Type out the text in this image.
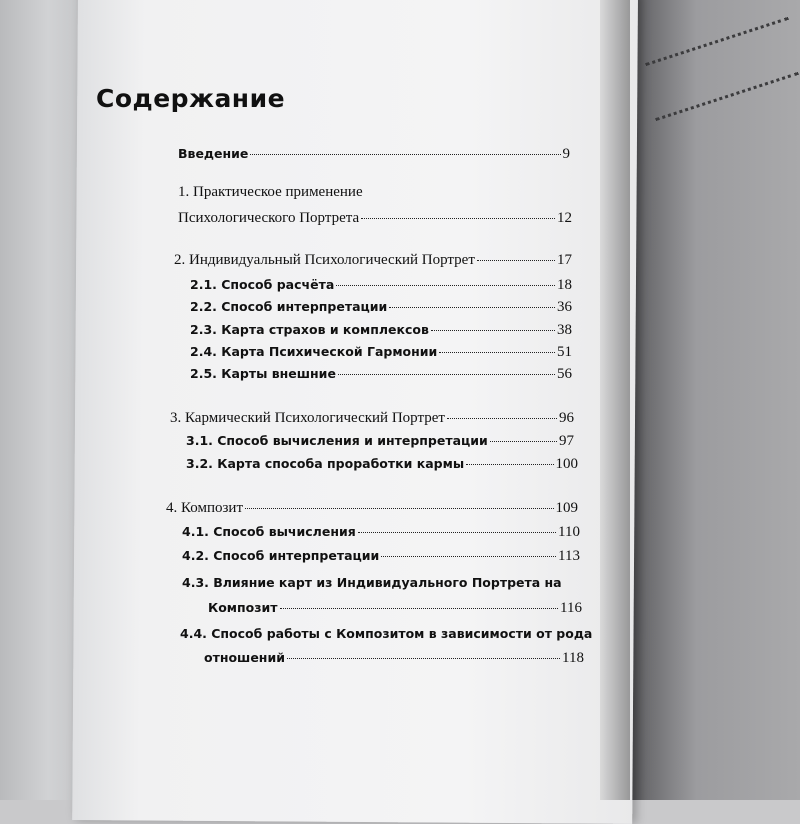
Содержание
Введение	9
1. Практическое применение
Психологического Портрета	12
2. Индивидуальный Психологический Портрет	17
2.1. Способ расчёта	18
2.2. Способ интерпретации	36
2.3. Карта страхов и комплексов	38
2.4. Карта Психической Гармонии	51
2.5. Карты внешние	56
3. Кармический Психологический Портрет	96
3.1. Способ вычисления и интерпретации	97
3.2. Карта способа проработки кармы	100
4. Композит	109
4.1. Способ вычисления	110
4.2. Способ интерпретации	113
4.3. Влияние карт из Индивидуального Портрета на
Композит	116
4.4. Способ работы с Композитом в зависимости от рода
отношений	118
